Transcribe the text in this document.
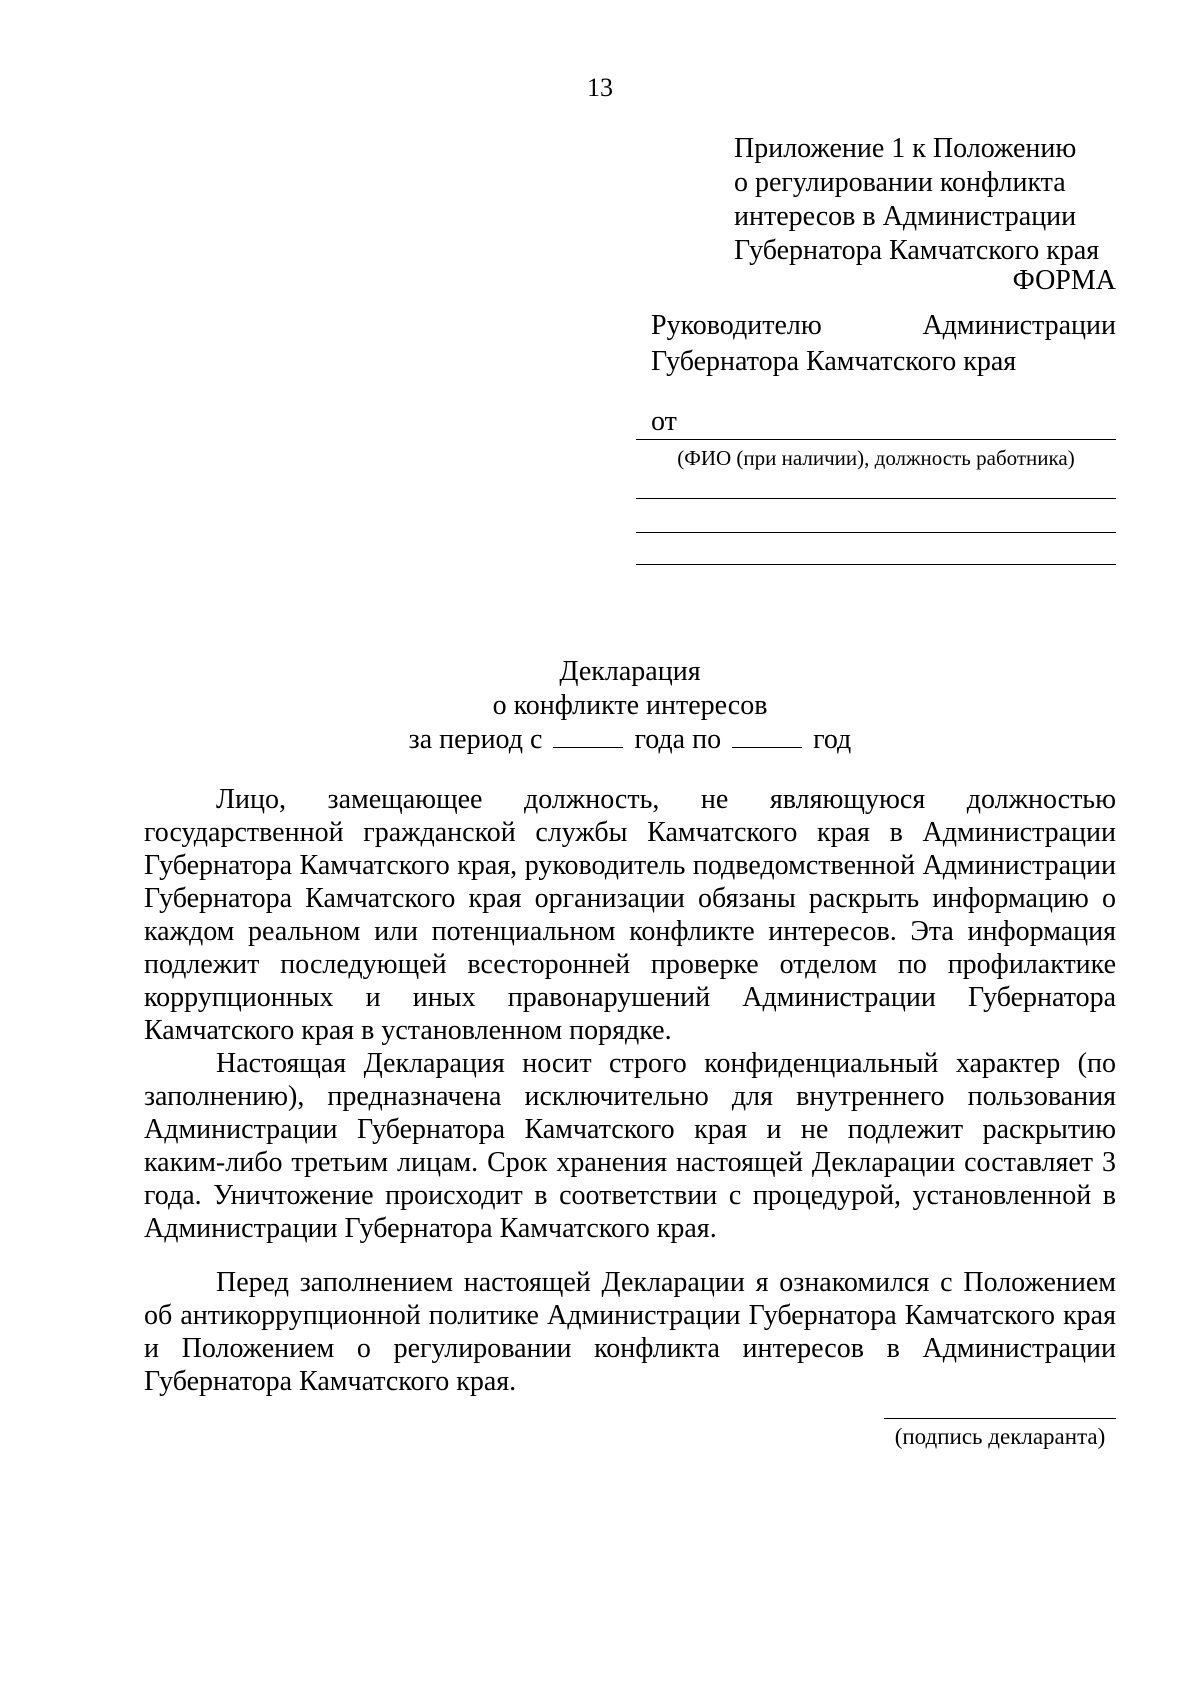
13
Приложение 1 к Положению
о регулировании конфликта
интересов в Администрации
Губернатора Камчатского края
ФОРМА
Руководителю Администрации
Губернатора Камчатского края
от
(ФИО (при наличии), должность работника)
Декларация
о конфликте интересов
за период с	года по	год

Лицо, замещающее должность, не являющуюся должностью государственной гражданской службы Камчатского края в Администрации Губернатора Камчатского края, руководитель подведомственной Администрации Губернатора Камчатского края организации обязаны раскрыть информацию о каждом реальном или потенциальном конфликте интересов. Эта информация подлежит последующей всесторонней проверке отделом по профилактике коррупционных и иных правонарушений Администрации Губернатора Камчатского края в установленном порядке.

Настоящая Декларация носит строго конфиденциальный характер (по заполнению), предназначена исключительно для внутреннего пользования Администрации Губернатора Камчатского края и не подлежит раскрытию каким-либо третьим лицам. Срок хранения настоящей Декларации составляет 3 года. Уничтожение происходит в соответствии с процедурой, установленной в Администрации Губернатора Камчатского края.

Перед заполнением настоящей Декларации я ознакомился с Положением об антикоррупционной политике Администрации Губернатора Камчатского края и Положением о регулировании конфликта интересов в Администрации Губернатора Камчатского края.

(подпись декларанта)
